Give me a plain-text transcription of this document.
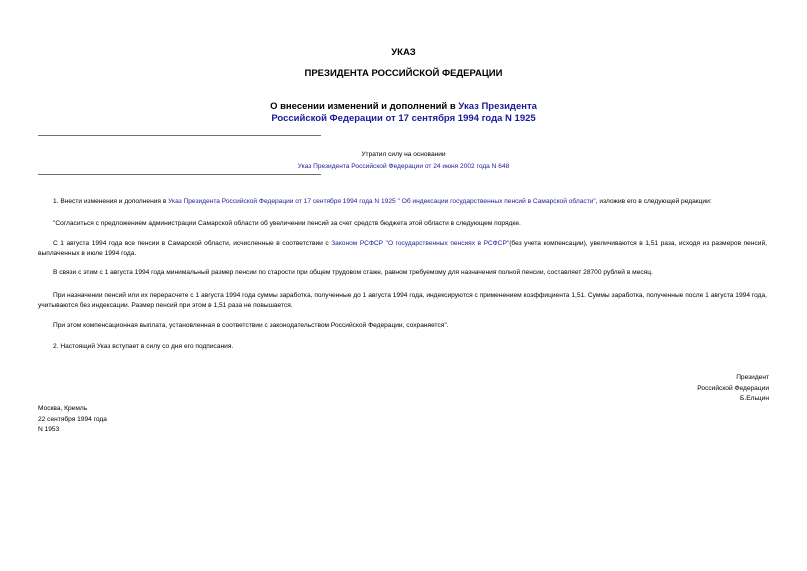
УКАЗ
ПРЕЗИДЕНТА РОССИЙСКОЙ ФЕДЕРАЦИИ
О внесении изменений и дополнений в Указ Президента
Российской Федерации от 17 сентября 1994 года N 1925
Утратил силу на основании
Указ Президента Российской Федерации от 24 июня 2002 года N 648
1. Внести изменения и дополнения в Указ Президента Российской Федерации от 17 сентября 1994 года N 1925 " Об индексации государственных пенсий в Самарской области", изложив его в следующей редакции:
"Согласиться с предложением администрации Самарской области об увеличении пенсий за счет средств бюджета этой области в следующем порядке.
С 1 августа 1994 года все пенсии в Самарской области, исчисленные в соответствии с Законом РСФСР "О государственных пенсиях в РСФСР"(без учета компенсации), увеличиваются в 1,51 раза, исходя из размеров пенсий, выплаченных в июле 1994 года.
В связи с этим с 1 августа 1994 года минимальный размер пенсии по старости при общем трудовом стаже, равном требуемому для назначения полной пенсии, составляет 28700 рублей в месяц.
При назначении пенсий или их перерасчете с 1 августа 1994 года суммы заработка, полученные до 1 августа 1994 года, индексируются с применением коэффициента 1,51. Суммы заработка, полученные после 1 августа 1994 года, учитываются без индексации. Размер пенсий при этом в 1,51 раза не повышается.
При этом компенсационная выплата, установленная в соответствии с законодательством Российской Федерации, сохраняется".
2. Настоящий Указ вступает в силу со дня его подписания.
Президент
Российской Федерации
Б.Ельцин
Москва, Кремль
22 сентября 1994 года
N 1953
